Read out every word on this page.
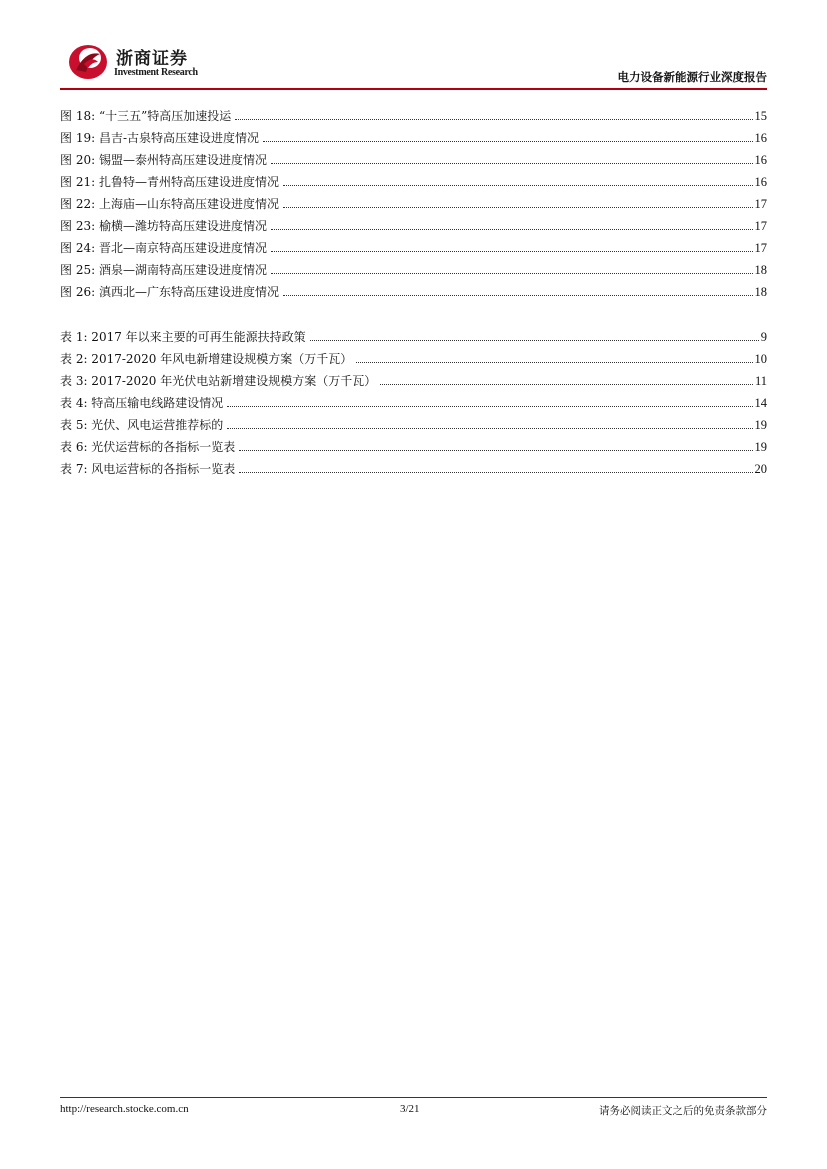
浙商证券
Investment Research	电力设备新能源行业深度报告
图 18: “十三五”特高压加速投运	15
图 19: 昌吉-古泉特高压建设进度情况	16
图 20: 锡盟—泰州特高压建设进度情况	16
图 21: 扎鲁特—青州特高压建设进度情况	16
图 22: 上海庙—山东特高压建设进度情况	17
图 23: 榆横—潍坊特高压建设进度情况	17
图 24: 晋北—南京特高压建设进度情况	17
图 25: 酒泉—湖南特高压建设进度情况	18
图 26: 滇西北—广东特高压建设进度情况	18
表 1: 2017 年以来主要的可再生能源扶持政策	9
表 2: 2017-2020 年风电新增建设规模方案（万千瓦）	10
表 3: 2017-2020 年光伏电站新增建设规模方案（万千瓦）	11
表 4: 特高压输电线路建设情况	14
表 5: 光伏、风电运营推荐标的	19
表 6: 光伏运营标的各指标一览表	19
表 7: 风电运营标的各指标一览表	20
http://research.stocke.com.cn	3/21	请务必阅读正文之后的免责条款部分
